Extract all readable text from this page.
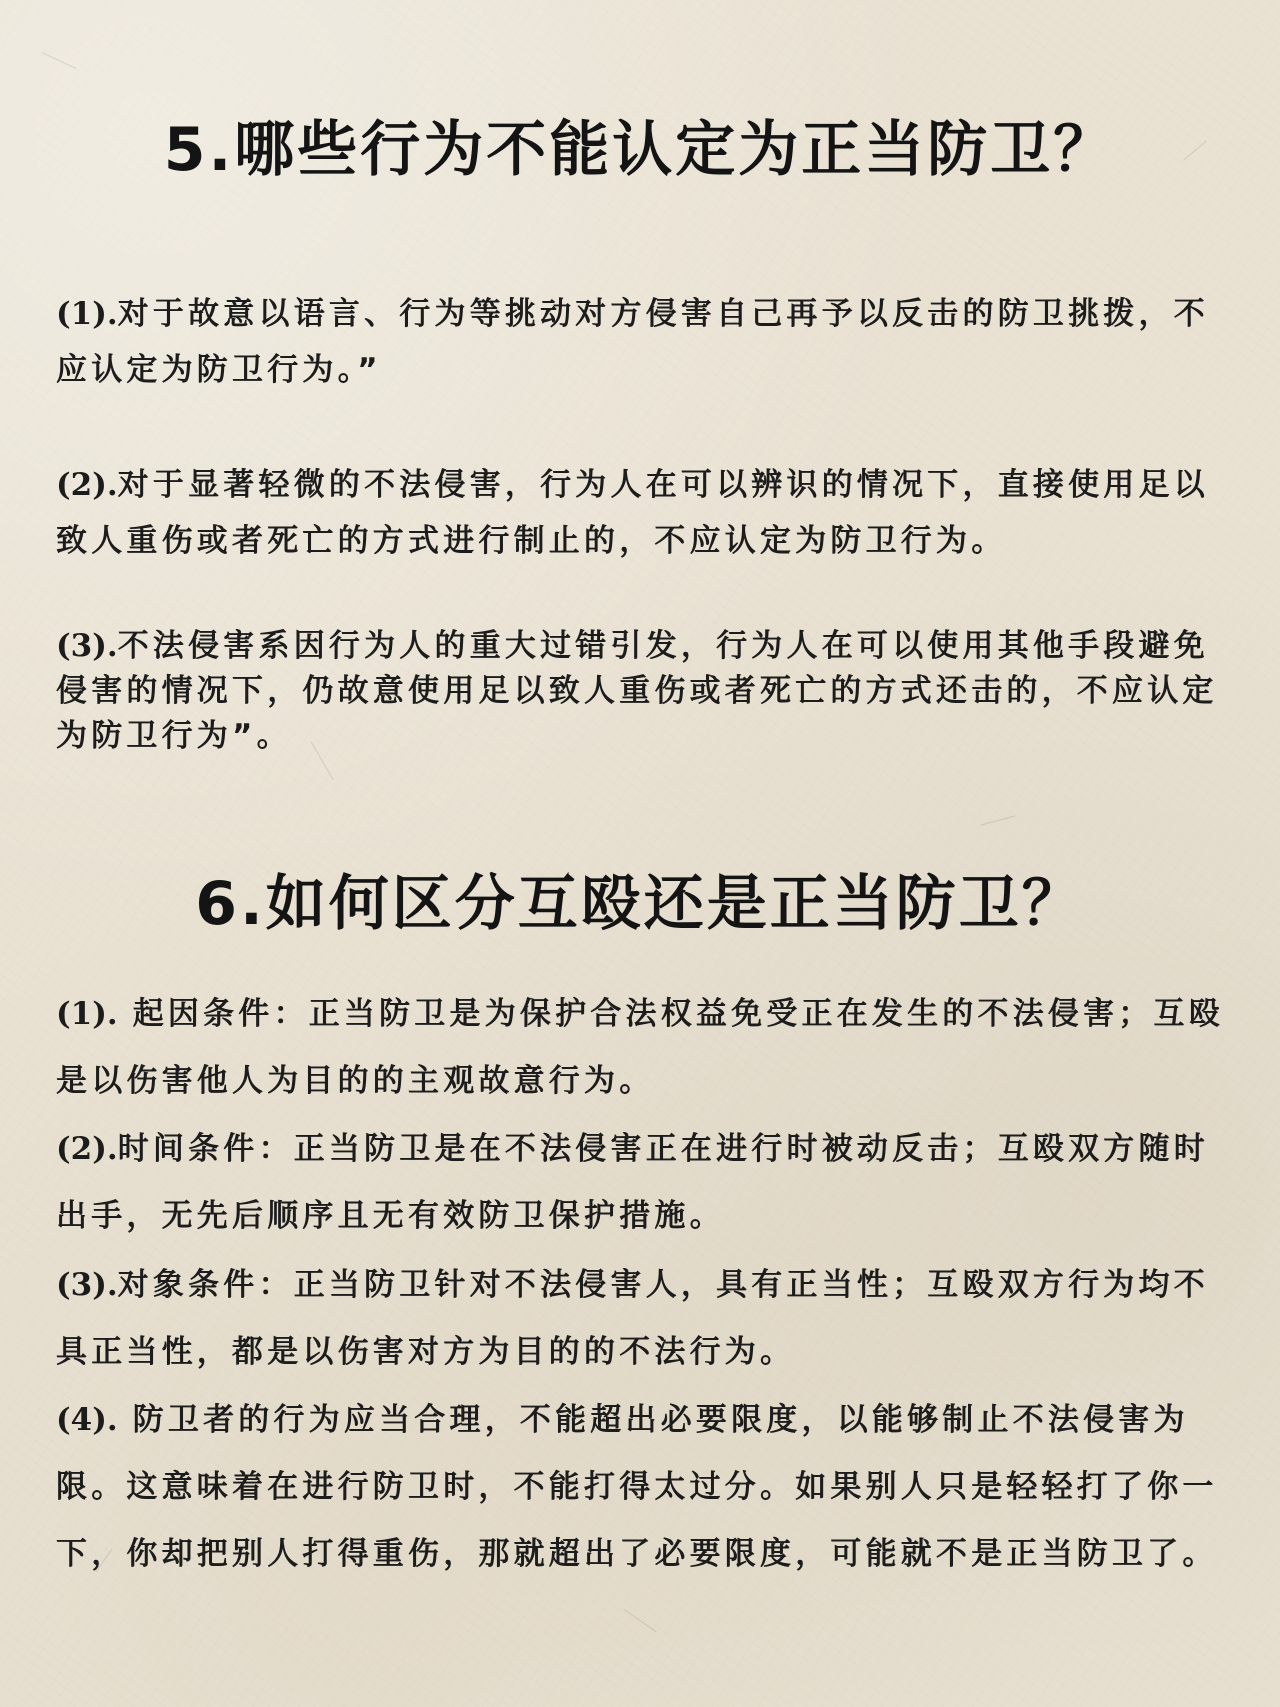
5.哪些行为不能认定为正当防卫？

(1).对于故意以语言、行为等挑动对方侵害自己再予以反击的防卫挑拨，不应认定为防卫行为。”

(2).对于显著轻微的不法侵害，行为人在可以辨识的情况下，直接使用足以致人重伤或者死亡的方式进行制止的，不应认定为防卫行为。

(3).不法侵害系因行为人的重大过错引发，行为人在可以使用其他手段避免侵害的情况下，仍故意使用足以致人重伤或者死亡的方式还击的，不应认定为防卫行为”。

6.如何区分互殴还是正当防卫？

(1). 起因条件：正当防卫是为保护合法权益免受正在发生的不法侵害；互殴是以伤害他人为目的的主观故意行为。

(2).时间条件：正当防卫是在不法侵害正在进行时被动反击；互殴双方随时出手，无先后顺序且无有效防卫保护措施。

(3).对象条件：正当防卫针对不法侵害人，具有正当性；互殴双方行为均不具正当性，都是以伤害对方为目的的不法行为。

(4). 防卫者的行为应当合理，不能超出必要限度，以能够制止不法侵害为限。这意味着在进行防卫时，不能打得太过分。如果别人只是轻轻打了你一下，你却把别人打得重伤，那就超出了必要限度，可能就不是正当防卫了。
